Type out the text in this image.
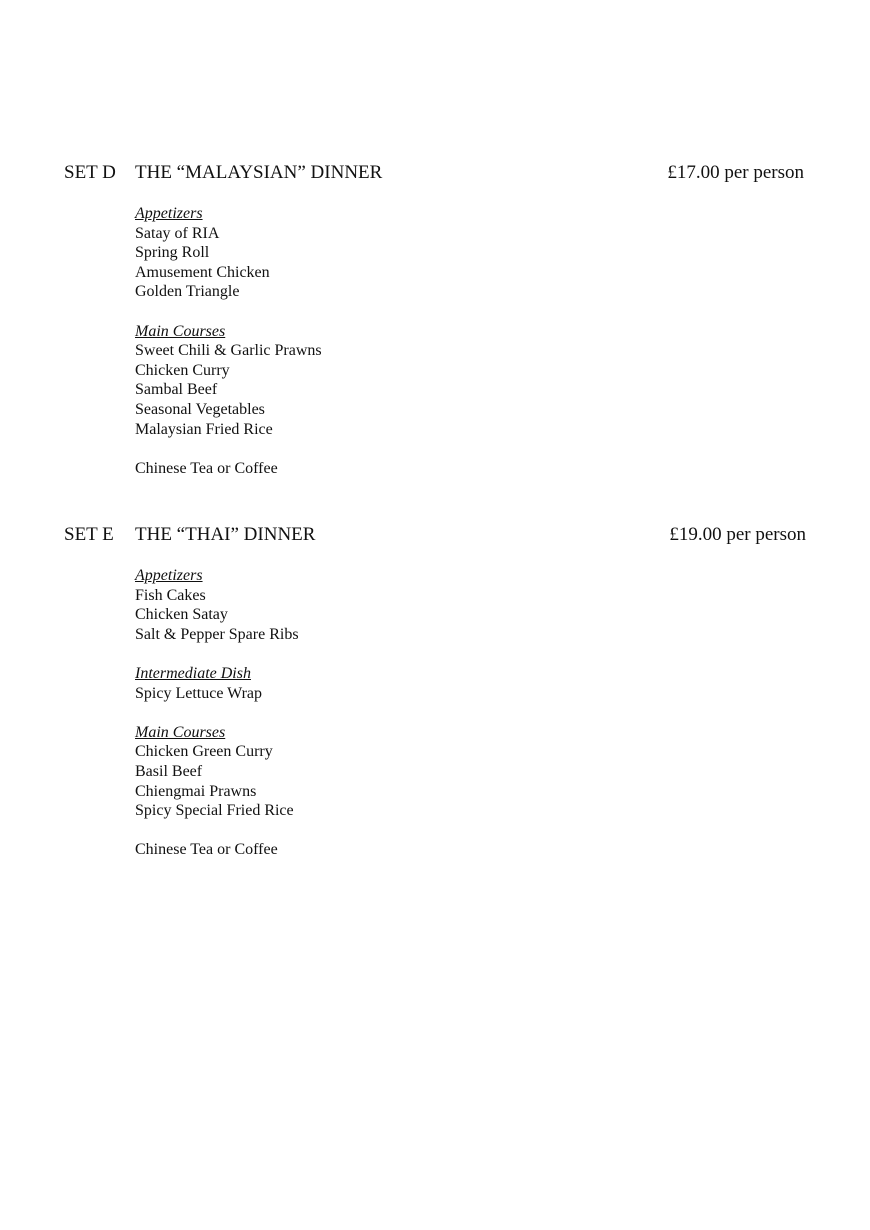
SET D THE “MALAYSIAN” DINNER	£17.00 per person
Appetizers
Satay of RIA
Spring Roll
Amusement Chicken
Golden Triangle
Main Courses
Sweet Chili & Garlic Prawns
Chicken Curry
Sambal Beef
Seasonal Vegetables
Malaysian Fried Rice
Chinese Tea or Coffee
SET E THE “THAI” DINNER	£19.00 per person
Appetizers
Fish Cakes
Chicken Satay
Salt & Pepper Spare Ribs
Intermediate Dish
Spicy Lettuce Wrap
Main Courses
Chicken Green Curry
Basil Beef
Chiengmai Prawns
Spicy Special Fried Rice
Chinese Tea or Coffee
